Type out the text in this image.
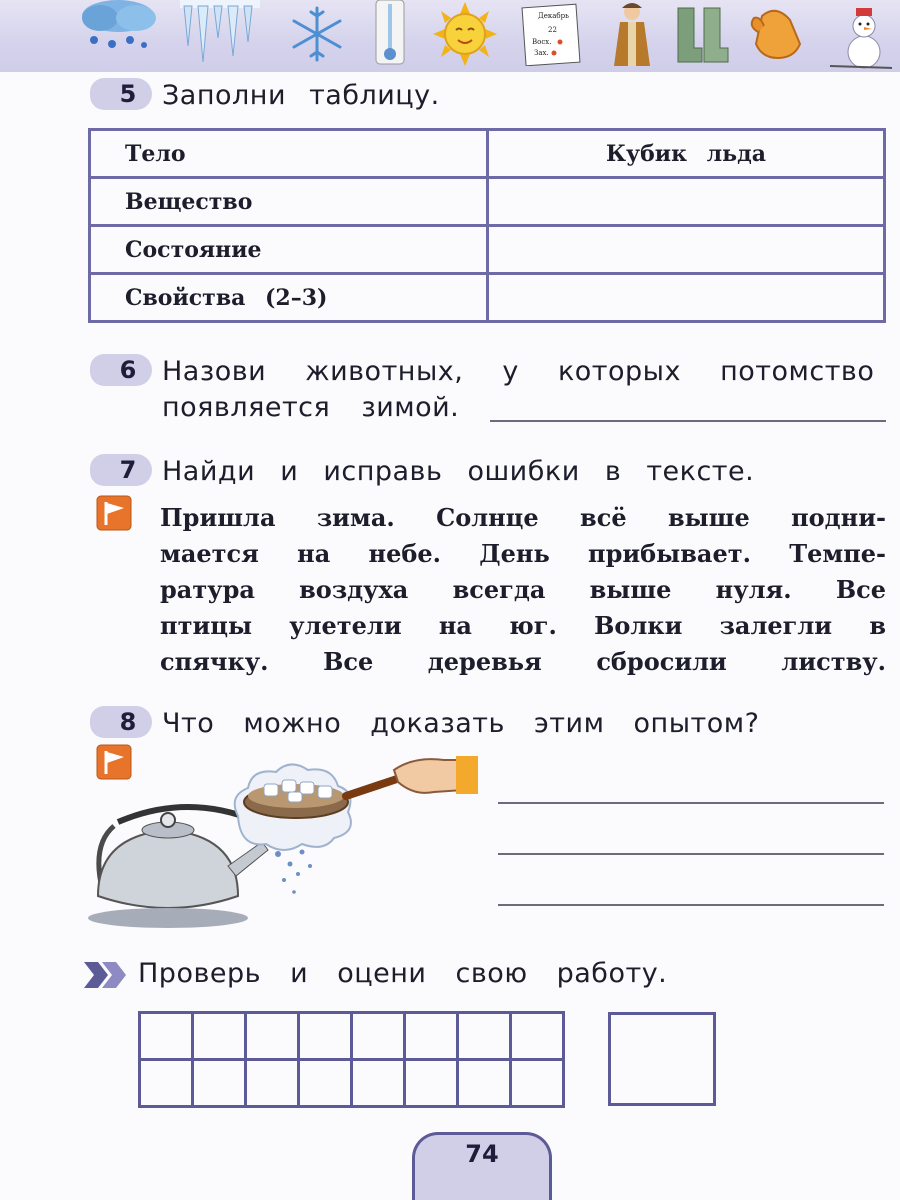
Декабрь
22
Восх.
Зах.
5 Заполни таблицу.
Тело	Кубик льда
Вещество	
Состояние	
Свойства (2–3)	
6 Назови животных, у которых потомство
появляется зимой.
7 Найди и исправь ошибки в тексте.
Пришла зима. Солнце всё выше подни-
мается на небе. День прибывает. Темпе-
ратура воздуха всегда выше нуля. Все
птицы улетели на юг. Волки залегли в
спячку. Все деревья сбросили листву.
8 Что можно доказать этим опытом?
Проверь и оцени свою работу.

74
